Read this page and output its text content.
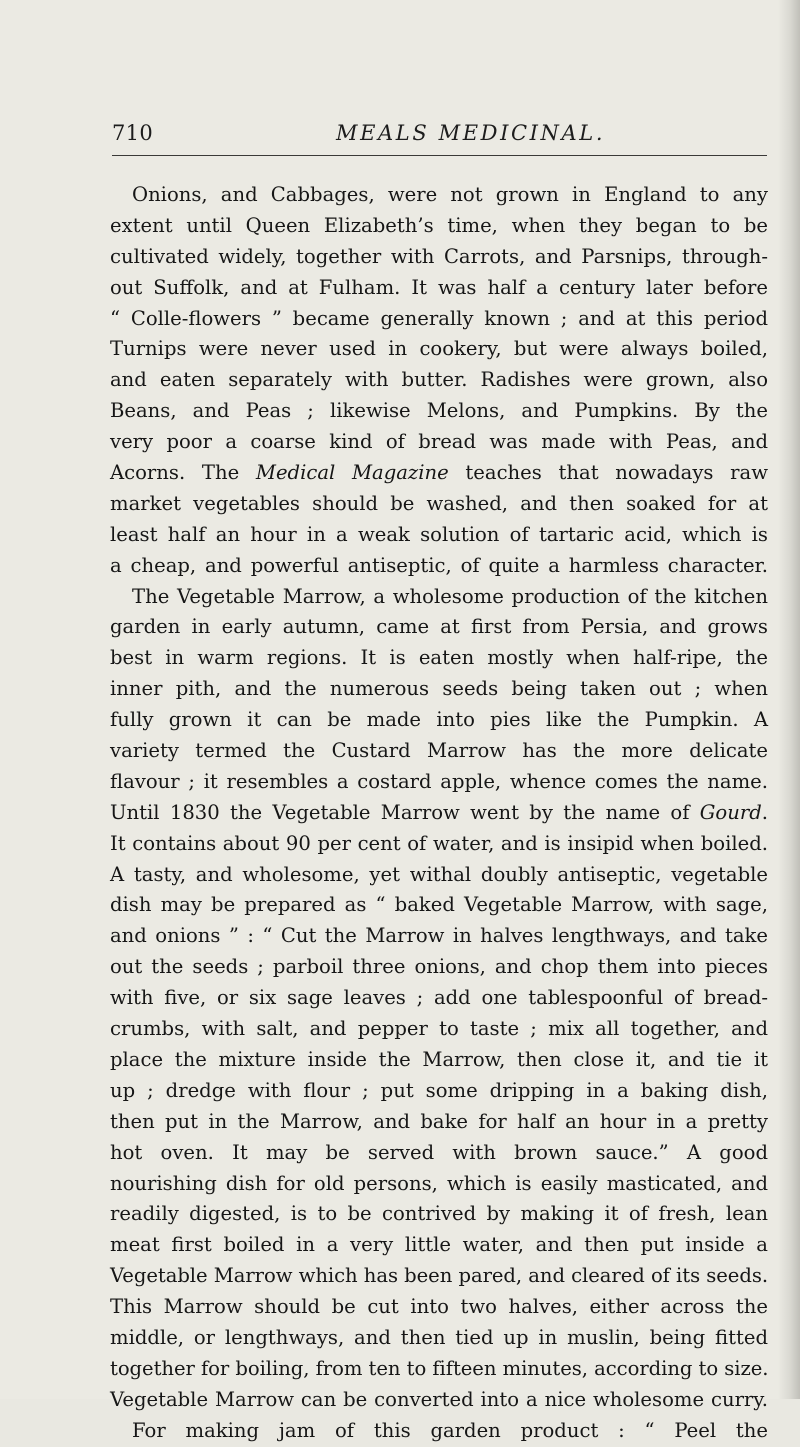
710	MEALS MEDICINAL.
Onions, and Cabbages, were not grown in England to any
extent until Queen Elizabeth’s time, when they began to be
cultivated widely, together with Carrots, and Parsnips, through-
out Suffolk, and at Fulham. It was half a century later before
“ Colle-flowers ” became generally known ; and at this period
Turnips were never used in cookery, but were always boiled,
and eaten separately with butter. Radishes were grown, also
Beans, and Peas ; likewise Melons, and Pumpkins. By the
very poor a coarse kind of bread was made with Peas, and
Acorns. The Medical Magazine teaches that nowadays raw
market vegetables should be washed, and then soaked for at
least half an hour in a weak solution of tartaric acid, which is
a cheap, and powerful antiseptic, of quite a harmless character.
The Vegetable Marrow, a wholesome production of the kitchen
garden in early autumn, came at first from Persia, and grows
best in warm regions. It is eaten mostly when half-ripe, the
inner pith, and the numerous seeds being taken out ; when
fully grown it can be made into pies like the Pumpkin. A
variety termed the Custard Marrow has the more delicate
flavour ; it resembles a costard apple, whence comes the name.
Until 1830 the Vegetable Marrow went by the name of Gourd.
It contains about 90 per cent of water, and is insipid when boiled.
A tasty, and wholesome, yet withal doubly antiseptic, vegetable
dish may be prepared as “ baked Vegetable Marrow, with sage,
and onions ” : “ Cut the Marrow in halves lengthways, and take
out the seeds ; parboil three onions, and chop them into pieces
with five, or six sage leaves ; add one tablespoonful of bread-
crumbs, with salt, and pepper to taste ; mix all together, and
place the mixture inside the Marrow, then close it, and tie it
up ; dredge with flour ; put some dripping in a baking dish,
then put in the Marrow, and bake for half an hour in a pretty
hot oven. It may be served with brown sauce.” A good
nourishing dish for old persons, which is easily masticated, and
readily digested, is to be contrived by making it of fresh, lean
meat first boiled in a very little water, and then put inside a
Vegetable Marrow which has been pared, and cleared of its seeds.
This Marrow should be cut into two halves, either across the
middle, or lengthways, and then tied up in muslin, being fitted
together for boiling, from ten to fifteen minutes, according to size.
Vegetable Marrow can be converted into a nice wholesome curry.
For making jam of this garden product : “ Peel the
